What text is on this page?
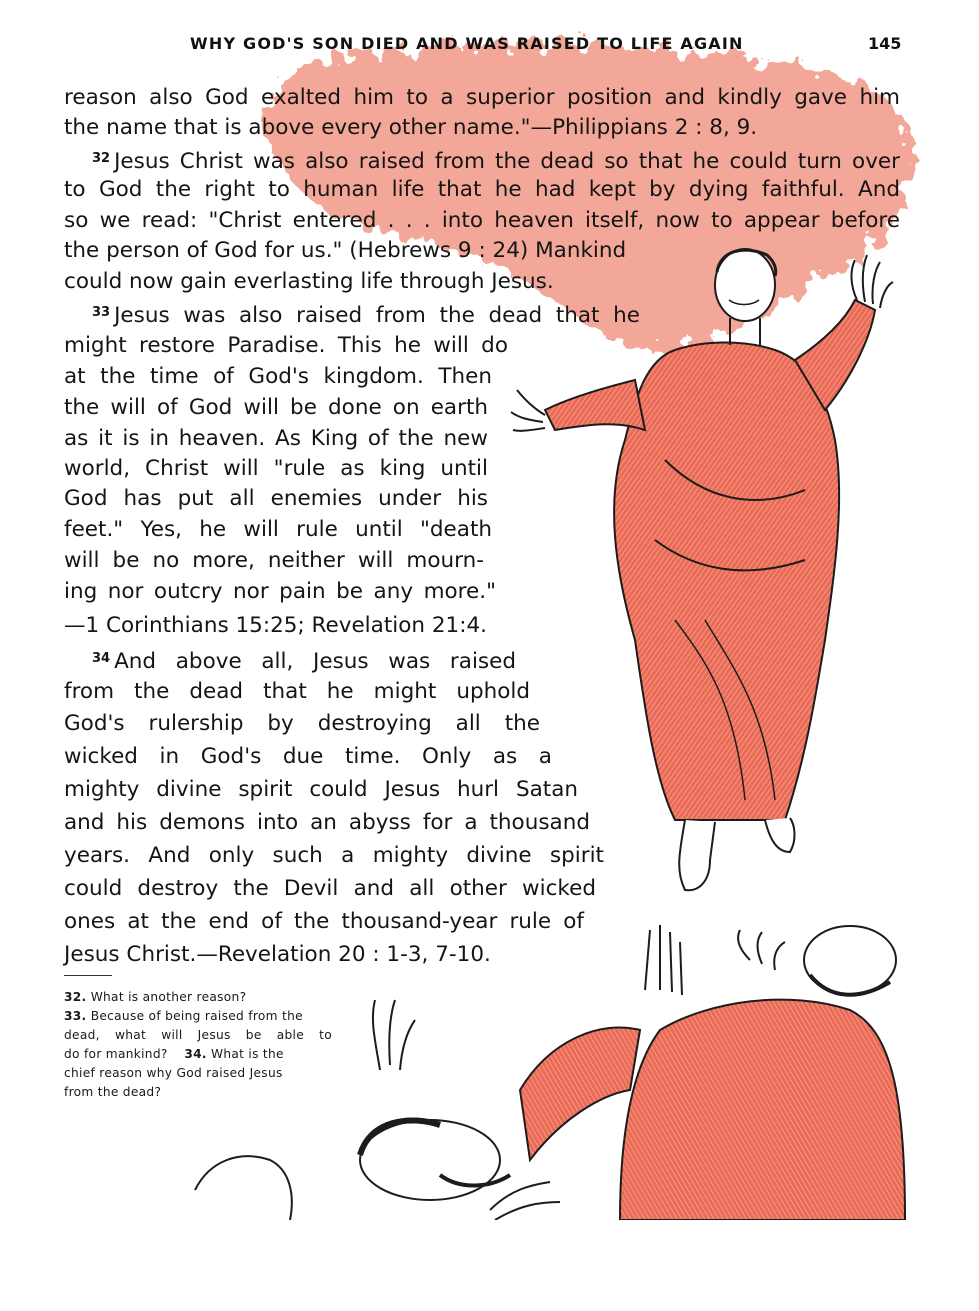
WHY GOD'S SON DIED AND WAS RAISED TO LIFE AGAIN	145
reason also God exalted him to a superior position and kindly gave him
the name that is above every other name."—Philippians 2 : 8, 9.
$^{32}$ Jesus Christ was also raised from the dead so that he could turn over
to God the right to human life that he had kept by dying faithful. And
so we read: "Christ entered . . . into heaven itself, now to appear before
the person of God for us." (Hebrews 9 : 24) Mankind
could now gain everlasting life through Jesus.
$^{33}$ Jesus was also raised from the dead that he
might restore Paradise. This he will do
at the time of God's kingdom. Then
the will of God will be done on earth
as it is in heaven. As King of the new
world, Christ will "rule as king until
God has put all enemies under his
feet." Yes, he will rule until "death
will be no more, neither will mourn-
ing nor outcry nor pain be any more."
—1 Corinthians 15:25; Revelation 21:4.
$^{34}$ And above all, Jesus was raised
from the dead that he might uphold
God's rulership by destroying all the
wicked in God's due time. Only as a
mighty divine spirit could Jesus hurl Satan
and his demons into an abyss for a thousand
years. And only such a mighty divine spirit
could destroy the Devil and all other wicked
ones at the end of the thousand-year rule of
Jesus Christ.—Revelation 20 : 1-3, 7-10.
32. What is another reason?
33. Because of being raised from the
dead, what will Jesus be able to
do for mankind? 34. What is the
chief reason why God raised Jesus
from the dead?
